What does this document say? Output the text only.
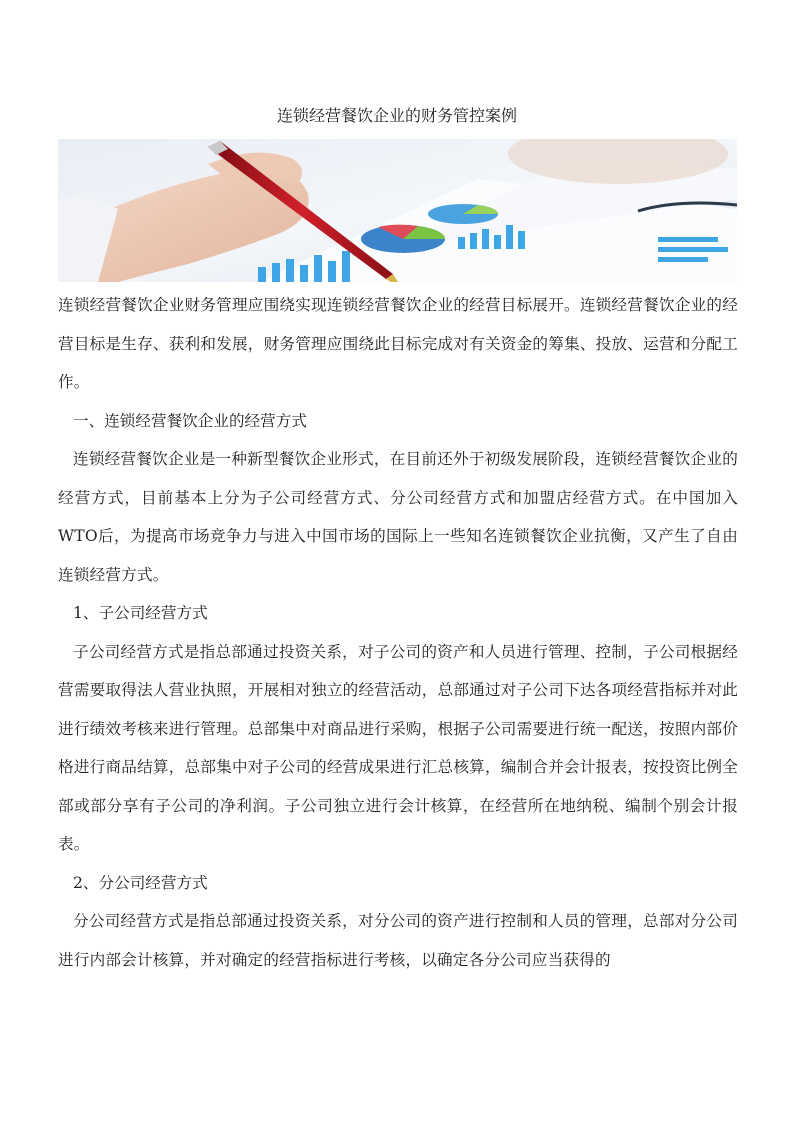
连锁经营餐饮企业的财务管控案例

连锁经营餐饮企业财务管理应围绕实现连锁经营餐饮企业的经营目标展开。连锁经营餐饮企业的经营目标是生存、获利和发展，财务管理应围绕此目标完成对有关资金的筹集、投放、运营和分配工作。

一、连锁经营餐饮企业的经营方式

连锁经营餐饮企业是一种新型餐饮企业形式，在目前还外于初级发展阶段，连锁经营餐饮企业的经营方式，目前基本上分为子公司经营方式、分公司经营方式和加盟店经营方式。在中国加入WTO后，为提高市场竞争力与进入中国市场的国际上一些知名连锁餐饮企业抗衡，又产生了自由连锁经营方式。

1、子公司经营方式

子公司经营方式是指总部通过投资关系，对子公司的资产和人员进行管理、控制，子公司根据经营需要取得法人营业执照，开展相对独立的经营活动，总部通过对子公司下达各项经营指标并对此进行绩效考核来进行管理。总部集中对商品进行采购，根据子公司需要进行统一配送，按照内部价格进行商品结算，总部集中对子公司的经营成果进行汇总核算，编制合并会计报表，按投资比例全部或部分享有子公司的净利润。子公司独立进行会计核算，在经营所在地纳税、编制个别会计报表。

2、分公司经营方式

分公司经营方式是指总部通过投资关系，对分公司的资产进行控制和人员的管理，总部对分公司进行内部会计核算，并对确定的经营指标进行考核，以确定各分公司应当获得的
